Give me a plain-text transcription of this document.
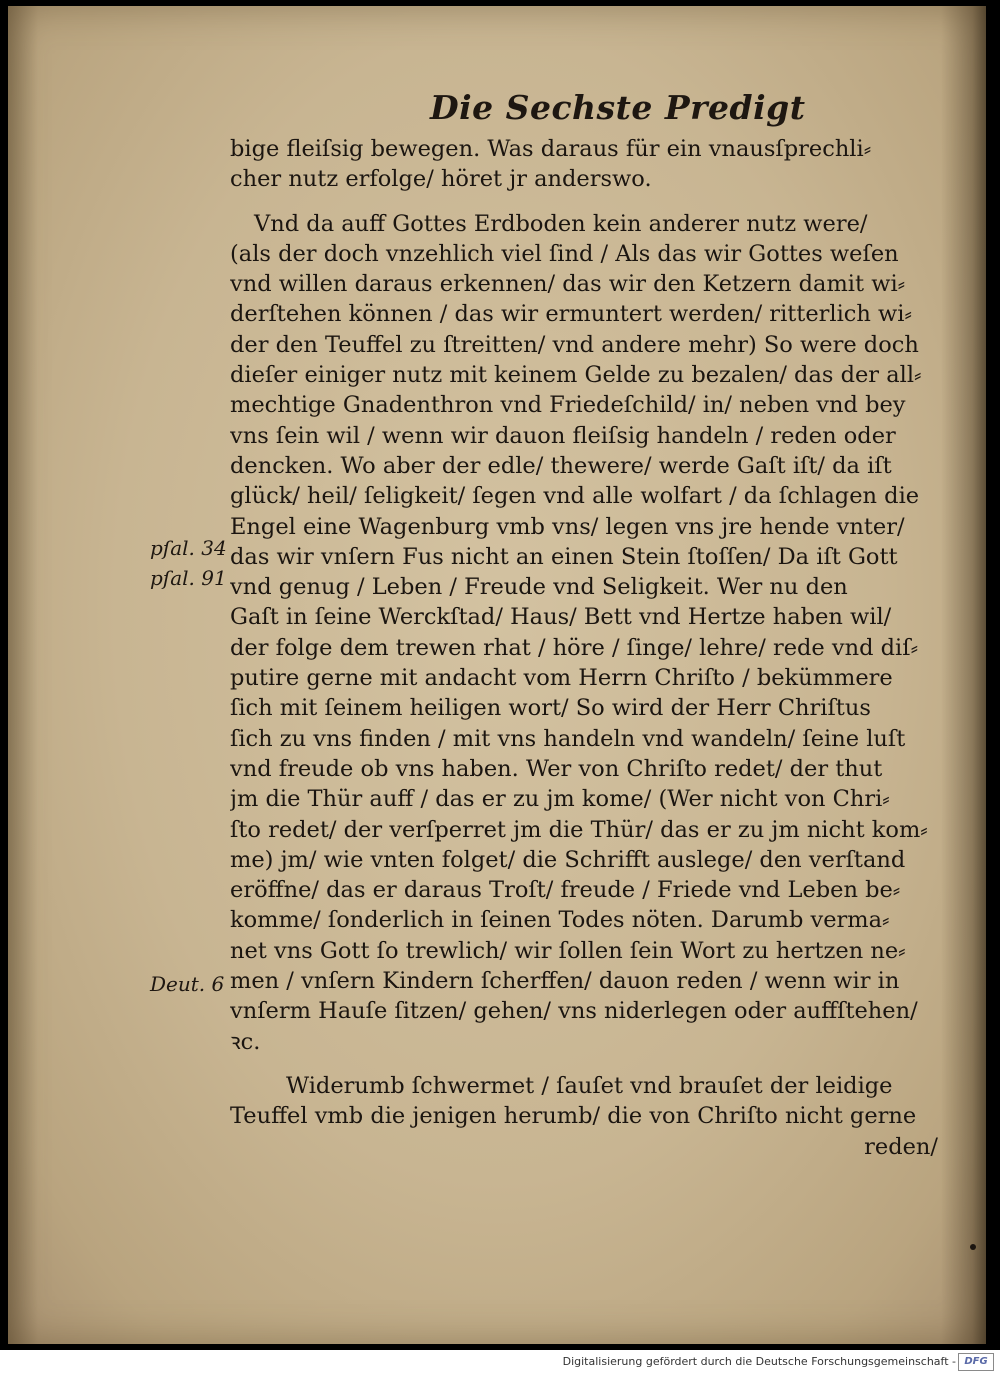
Die Sechste Predigt
bige fleiſsig bewegen. Was daraus für ein vnausſprechli⸗
cher nutz erfolge/ höret jr anderswo.
Vnd da auff Gottes Erdboden kein anderer nutz were/
(als der doch vnzehlich viel ſind / Als das wir Gottes weſen
vnd willen daraus erkennen/ das wir den Ketzern damit wi⸗
derſtehen können / das wir ermuntert werden/ ritterlich wi⸗
der den Teuffel zu ſtreitten/ vnd andere mehr) So were doch
dieſer einiger nutz mit keinem Gelde zu bezalen/ das der all⸗
mechtige Gnadenthron vnd Friedeſchild/ in/ neben vnd bey
vns ſein wil / wenn wir dauon fleiſsig handeln / reden oder
dencken. Wo aber der edle/ thewere/ werde Gaſt iſt/ da iſt
glück/ heil/ ſeligkeit/ ſegen vnd alle wolfart / da ſchlagen die
Engel eine Wagenburg vmb vns/ legen vns jre hende vnter/
das wir vnſern Fus nicht an einen Stein ſtoſſen/ Da iſt Gott
vnd genug / Leben / Freude vnd Seligkeit. Wer nu den
Gaſt in ſeine Werckſtad/ Haus/ Bett vnd Hertze haben wil/
der folge dem trewen rhat / höre / ſinge/ lehre/ rede vnd diſ⸗
putire gerne mit andacht vom Herrn Chriſto / bekümmere
ſich mit ſeinem heiligen wort/ So wird der Herr Chriſtus
ſich zu vns finden / mit vns handeln vnd wandeln/ ſeine luſt
vnd freude ob vns haben. Wer von Chriſto redet/ der thut
jm die Thür auff / das er zu jm kome/ (Wer nicht von Chri⸗
ſto redet/ der verſperret jm die Thür/ das er zu jm nicht kom⸗
me) jm/ wie vnten folget/ die Schrifft auslege/ den verſtand
eröffne/ das er daraus Troſt/ freude / Friede vnd Leben be⸗
komme/ ſonderlich in ſeinen Todes nöten. Darumb verma⸗
net vns Gott ſo trewlich/ wir ſollen ſein Wort zu hertzen ne⸗
men / vnſern Kindern ſcherffen/ dauon reden / wenn wir in
vnſerm Hauſe ſitzen/ gehen/ vns niderlegen oder auffſtehen/
ꝛc.
Widerumb ſchwermet / ſauſet vnd brauſet der leidige
Teuffel vmb die jenigen herumb/ die von Chriſto nicht gerne
reden/
pſal. 34
pſal. 91
Deut. 6
Digitalisierung gefördert durch die Deutsche Forschungsgemeinschaft - DFG
